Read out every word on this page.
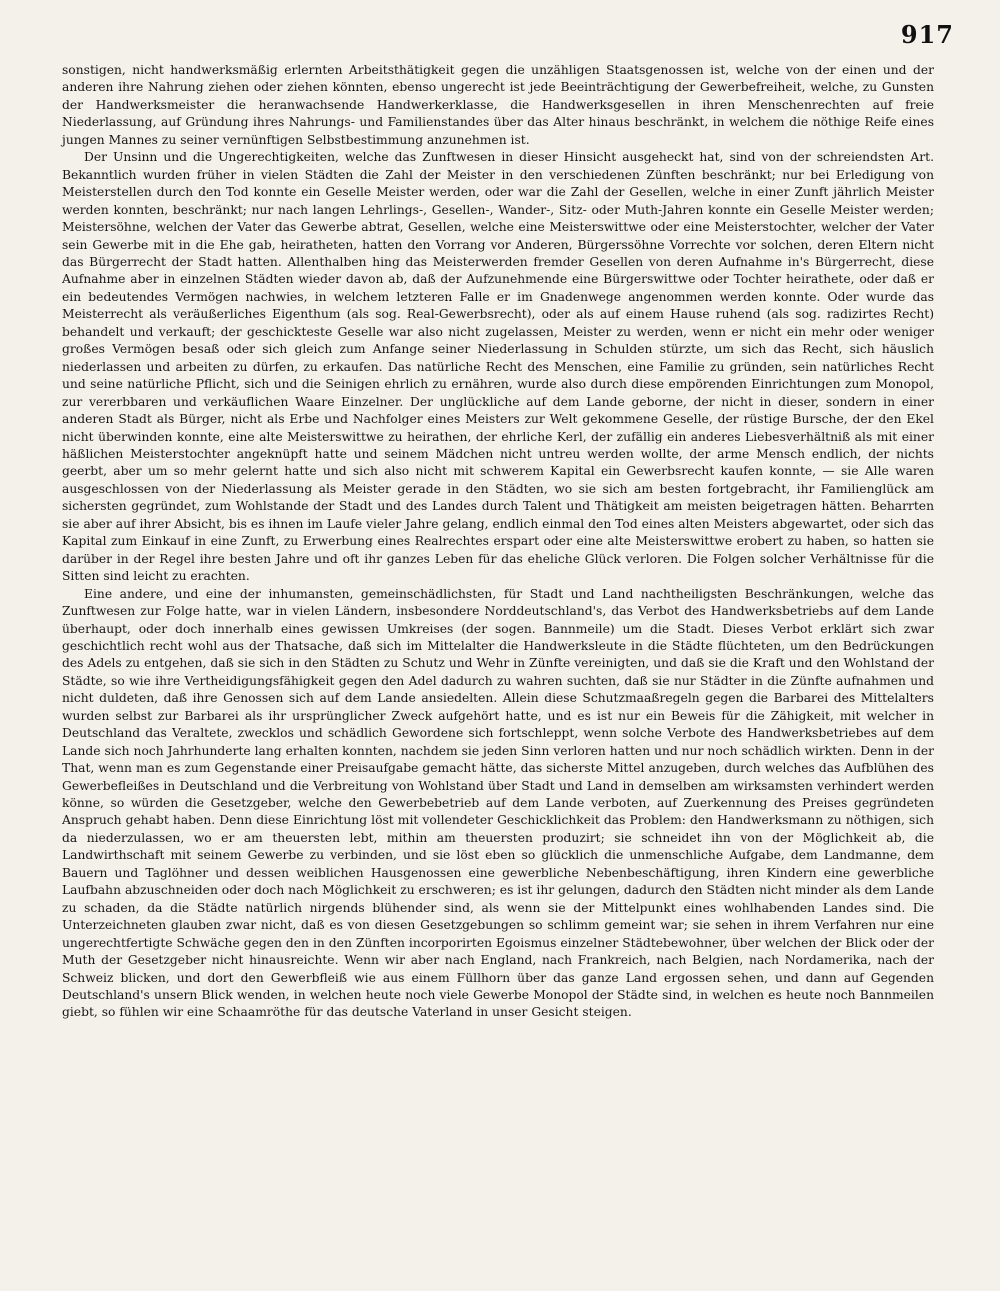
917

sonstigen, nicht handwerksmäßig erlernten Arbeitsthätigkeit gegen die unzähligen Staatsgenossen ist, welche von der einen und der anderen ihre Nahrung ziehen oder ziehen könnten, ebenso ungerecht ist jede Beeinträchtigung der Gewerbefreiheit, welche, zu Gunsten der Handwerksmeister die heranwachsende Handwerkerklasse, die Handwerksgesellen in ihren Menschenrechten auf freie Niederlassung, auf Gründung ihres Nahrungs- und Familienstandes über das Alter hinaus beschränkt, in welchem die nöthige Reife eines jungen Mannes zu seiner vernünftigen Selbstbestimmung anzunehmen ist.

Der Unsinn und die Ungerechtigkeiten, welche das Zunftwesen in dieser Hinsicht ausgeheckt hat, sind von der schreiendsten Art. Bekanntlich wurden früher in vielen Städten die Zahl der Meister in den verschiedenen Zünften beschränkt; nur bei Erledigung von Meisterstellen durch den Tod konnte ein Geselle Meister werden, oder war die Zahl der Gesellen, welche in einer Zunft jährlich Meister werden konnten, beschränkt; nur nach langen Lehrlings-, Gesellen-, Wander-, Sitz- oder Muth-Jahren konnte ein Geselle Meister werden; Meistersöhne, welchen der Vater das Gewerbe abtrat, Gesellen, welche eine Meisterswittwe oder eine Meisterstochter, welcher der Vater sein Gewerbe mit in die Ehe gab, heiratheten, hatten den Vorrang vor Anderen, Bürgerssöhne Vorrechte vor solchen, deren Eltern nicht das Bürgerrecht der Stadt hatten. Allenthalben hing das Meisterwerden fremder Gesellen von deren Aufnahme in's Bürgerrecht, diese Aufnahme aber in einzelnen Städten wieder davon ab, daß der Aufzunehmende eine Bürgerswittwe oder Tochter heirathete, oder daß er ein bedeutendes Vermögen nachwies, in welchem letzteren Falle er im Gnadenwege angenommen werden konnte. Oder wurde das Meisterrecht als veräußerliches Eigenthum (als sog. Real-Gewerbsrecht), oder als auf einem Hause ruhend (als sog. radizirtes Recht) behandelt und verkauft; der geschickteste Geselle war also nicht zugelassen, Meister zu werden, wenn er nicht ein mehr oder weniger großes Vermögen besaß oder sich gleich zum Anfange seiner Niederlassung in Schulden stürzte, um sich das Recht, sich häuslich niederlassen und arbeiten zu dürfen, zu erkaufen. Das natürliche Recht des Menschen, eine Familie zu gründen, sein natürliches Recht und seine natürliche Pflicht, sich und die Seinigen ehrlich zu ernähren, wurde also durch diese empörenden Einrichtungen zum Monopol, zur vererbbaren und verkäuflichen Waare Einzelner. Der unglückliche auf dem Lande geborne, der nicht in dieser, sondern in einer anderen Stadt als Bürger, nicht als Erbe und Nachfolger eines Meisters zur Welt gekommene Geselle, der rüstige Bursche, der den Ekel nicht überwinden konnte, eine alte Meisterswittwe zu heirathen, der ehrliche Kerl, der zufällig ein anderes Liebesverhältniß als mit einer häßlichen Meisterstochter angeknüpft hatte und seinem Mädchen nicht untreu werden wollte, der arme Mensch endlich, der nichts geerbt, aber um so mehr gelernt hatte und sich also nicht mit schwerem Kapital ein Gewerbsrecht kaufen konnte, — sie Alle waren ausgeschlossen von der Niederlassung als Meister gerade in den Städten, wo sie sich am besten fortgebracht, ihr Familienglück am sichersten gegründet, zum Wohlstande der Stadt und des Landes durch Talent und Thätigkeit am meisten beigetragen hätten. Beharrten sie aber auf ihrer Absicht, bis es ihnen im Laufe vieler Jahre gelang, endlich einmal den Tod eines alten Meisters abgewartet, oder sich das Kapital zum Einkauf in eine Zunft, zu Erwerbung eines Realrechtes erspart oder eine alte Meisterswittwe erobert zu haben, so hatten sie darüber in der Regel ihre besten Jahre und oft ihr ganzes Leben für das eheliche Glück verloren. Die Folgen solcher Verhältnisse für die Sitten sind leicht zu erachten.

Eine andere, und eine der inhumansten, gemeinschädlichsten, für Stadt und Land nachtheiligsten Beschränkungen, welche das Zunftwesen zur Folge hatte, war in vielen Ländern, insbesondere Norddeutschland's, das Verbot des Handwerksbetriebs auf dem Lande überhaupt, oder doch innerhalb eines gewissen Umkreises (der sogen. Bannmeile) um die Stadt. Dieses Verbot erklärt sich zwar geschichtlich recht wohl aus der Thatsache, daß sich im Mittelalter die Handwerksleute in die Städte flüchteten, um den Bedrückungen des Adels zu entgehen, daß sie sich in den Städten zu Schutz und Wehr in Zünfte vereinigten, und daß sie die Kraft und den Wohlstand der Städte, so wie ihre Vertheidigungsfähigkeit gegen den Adel dadurch zu wahren suchten, daß sie nur Städter in die Zünfte aufnahmen und nicht duldeten, daß ihre Genossen sich auf dem Lande ansiedelten. Allein diese Schutzmaaßregeln gegen die Barbarei des Mittelalters wurden selbst zur Barbarei als ihr ursprünglicher Zweck aufgehört hatte, und es ist nur ein Beweis für die Zähigkeit, mit welcher in Deutschland das Veraltete, zwecklos und schädlich Gewordene sich fortschleppt, wenn solche Verbote des Handwerksbetriebes auf dem Lande sich noch Jahrhunderte lang erhalten konnten, nachdem sie jeden Sinn verloren hatten und nur noch schädlich wirkten. Denn in der That, wenn man es zum Gegenstande einer Preisaufgabe gemacht hätte, das sicherste Mittel anzugeben, durch welches das Aufblühen des Gewerbefleißes in Deutschland und die Verbreitung von Wohlstand über Stadt und Land in demselben am wirksamsten verhindert werden könne, so würden die Gesetzgeber, welche den Gewerbebetrieb auf dem Lande verboten, auf Zuerkennung des Preises gegründeten Anspruch gehabt haben. Denn diese Einrichtung löst mit vollendeter Geschicklichkeit das Problem: den Handwerksmann zu nöthigen, sich da niederzulassen, wo er am theuersten lebt, mithin am theuersten produzirt; sie schneidet ihn von der Möglichkeit ab, die Landwirthschaft mit seinem Gewerbe zu verbinden, und sie löst eben so glücklich die unmenschliche Aufgabe, dem Landmanne, dem Bauern und Taglöhner und dessen weiblichen Hausgenossen eine gewerbliche Nebenbeschäftigung, ihren Kindern eine gewerbliche Laufbahn abzuschneiden oder doch nach Möglichkeit zu erschweren; es ist ihr gelungen, dadurch den Städten nicht minder als dem Lande zu schaden, da die Städte natürlich nirgends blühender sind, als wenn sie der Mittelpunkt eines wohlhabenden Landes sind. Die Unterzeichneten glauben zwar nicht, daß es von diesen Gesetzgebungen so schlimm gemeint war; sie sehen in ihrem Verfahren nur eine ungerechtfertigte Schwäche gegen den in den Zünften incorporirten Egoismus einzelner Städtebewohner, über welchen der Blick oder der Muth der Gesetzgeber nicht hinausreichte. Wenn wir aber nach England, nach Frankreich, nach Belgien, nach Nordamerika, nach der Schweiz blicken, und dort den Gewerbfleiß wie aus einem Füllhorn über das ganze Land ergossen sehen, und dann auf Gegenden Deutschland's unsern Blick wenden, in welchen heute noch viele Gewerbe Monopol der Städte sind, in welchen es heute noch Bannmeilen giebt, so fühlen wir eine Schaamröthe für das deutsche Vaterland in unser Gesicht steigen.
